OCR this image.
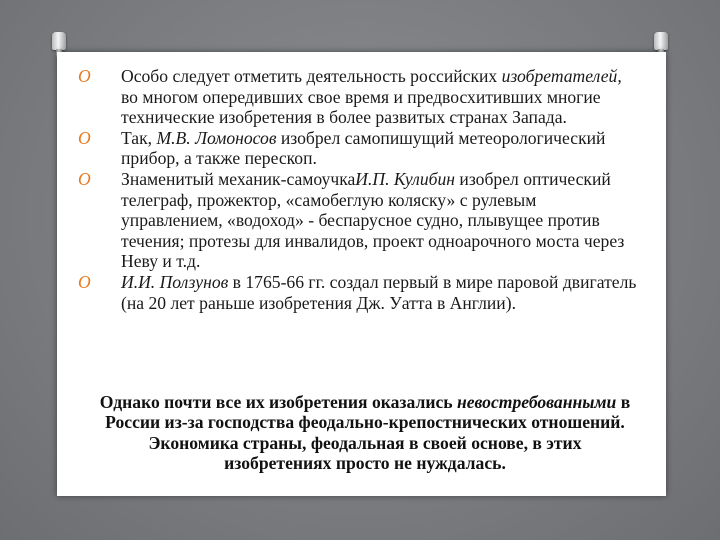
O	Особо следует отметить деятельность российских изобретателей, во многом опередивших свое время и предвосхитивших многие технические изобретения в более развитых странах Запада.
O	Так, М.В. Ломоносов изобрел самопишущий метеорологический прибор, а также перескоп.
O	Знаменитый механик-самоучкаИ.П. Кулибин изобрел оптический телеграф, прожектор, «самобеглую коляску» с рулевым управлением, «водоход» - беспарусное судно, плывущее против течения; протезы для инвалидов, проект одноарочного моста через Неву и т.д.
O	И.И. Ползунов в 1765-66 гг. создал первый в мире паровой двигатель (на 20 лет раньше изобретения Дж. Уатта в Англии).

Однако почти все их изобретения оказались невостребованными в России из-за господства феодально-крепостнических отношений. Экономика страны, феодальная в своей основе, в этих изобретениях просто не нуждалась.
